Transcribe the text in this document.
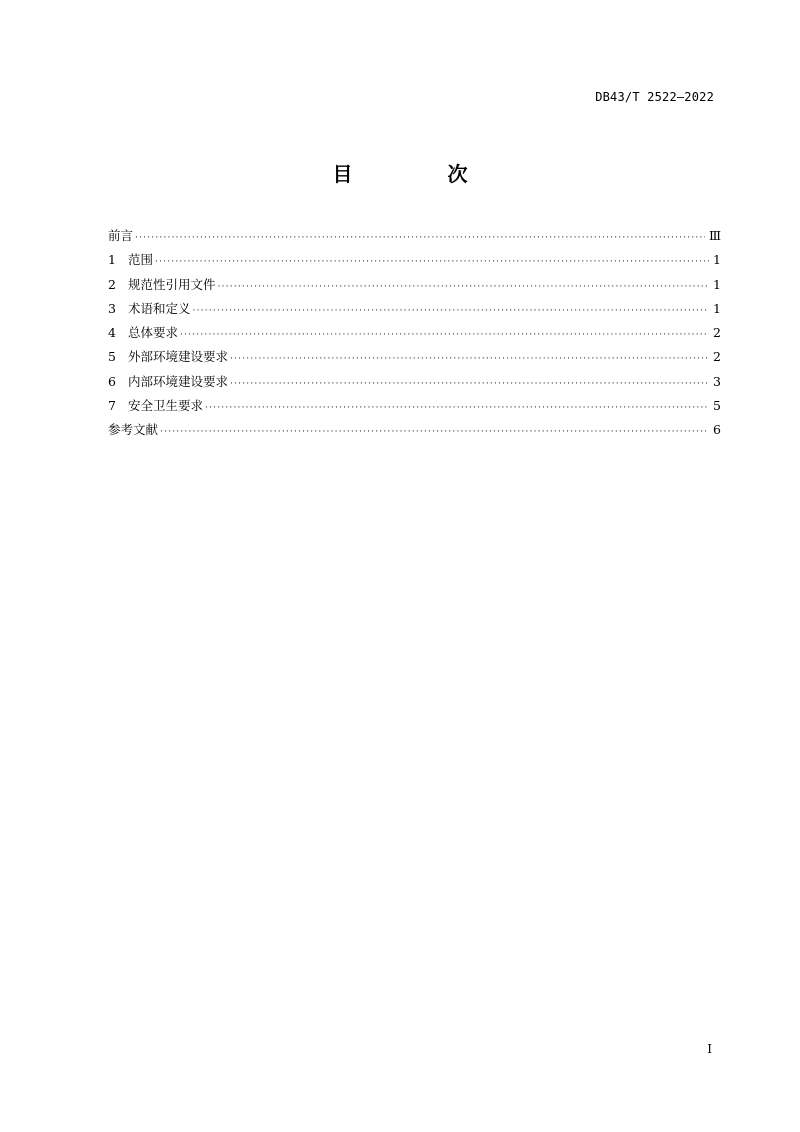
DB43/T 2522—2022
目 次
前言 ·····	Ⅲ
1 范围 ·····	1
2 规范性引用文件 ·····	1
3 术语和定义 ·····	1
4 总体要求 ·····	2
5 外部环境建设要求 ·····	2
6 内部环境建设要求 ·····	3
7 安全卫生要求 ·····	5
参考文献 ·····	6
I
